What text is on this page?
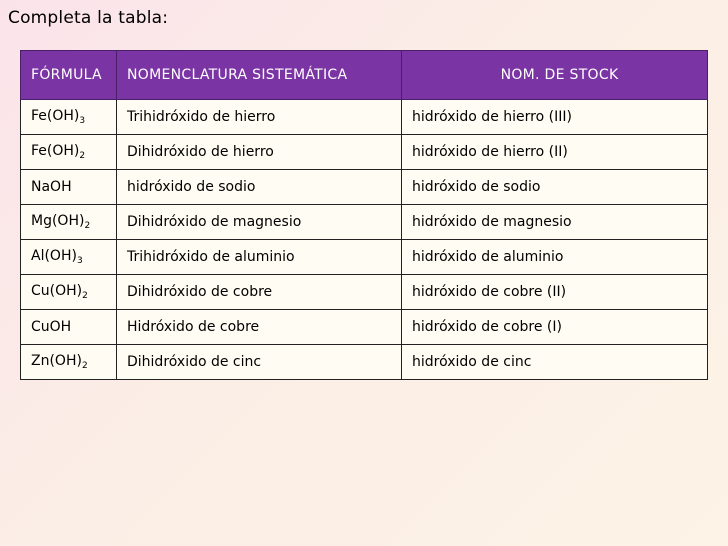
Completa la tabla:
FÓRMULA	NOMENCLATURA SISTEMÁTICA	NOM. DE STOCK
$Fe(OH)_3$	Trihidróxido de hierro	hidróxido de hierro (III)
$Fe(OH)_2$	Dihidróxido de hierro	hidróxido de hierro (II)
NaOH	hidróxido de sodio	hidróxido de sodio
$Mg(OH)_2$	Dihidróxido de magnesio	hidróxido de magnesio
$Al(OH)_3$	Trihidróxido de aluminio	hidróxido de aluminio
$Cu(OH)_2$	Dihidróxido de cobre	hidróxido de cobre (II)
CuOH	Hidróxido de cobre	hidróxido de cobre (I)
$Zn(OH)_2$	Dihidróxido de cinc	hidróxido de cinc
